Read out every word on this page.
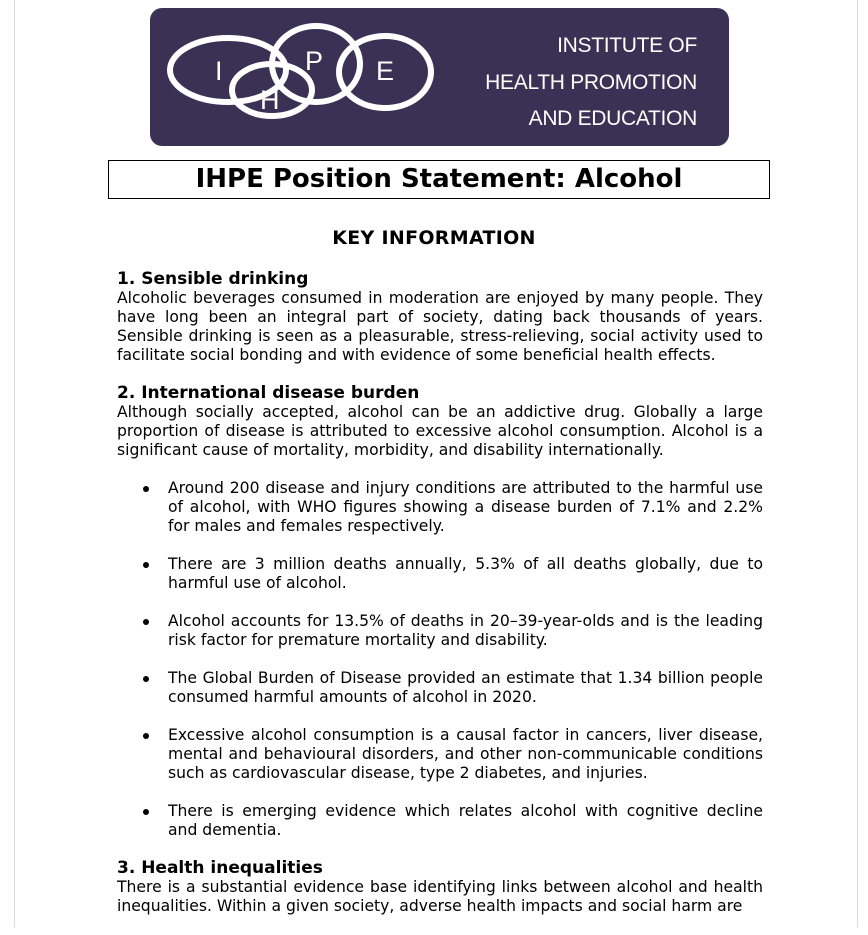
I
H
P E
INSTITUTE OF
HEALTH PROMOTION
AND EDUCATION
IHPE Position Statement: Alcohol
KEY INFORMATION

1. Sensible drinking

Alcoholic beverages consumed in moderation are enjoyed by many people. They have long been an integral part of society, dating back thousands of years. Sensible drinking is seen as a pleasurable, stress-relieving, social activity used to facilitate social bonding and with evidence of some beneficial health effects.

2. International disease burden

Although socially accepted, alcohol can be an addictive drug. Globally a large proportion of disease is attributed to excessive alcohol consumption. Alcohol is a significant cause of mortality, morbidity, and disability internationally.

Around 200 disease and injury conditions are attributed to the harmful use of alcohol, with WHO figures showing a disease burden of 7.1% and 2.2% for males and females respectively.
There are 3 million deaths annually, 5.3% of all deaths globally, due to harmful use of alcohol.
Alcohol accounts for 13.5% of deaths in 20–39-year-olds and is the leading risk factor for premature mortality and disability.
The Global Burden of Disease provided an estimate that 1.34 billion people consumed harmful amounts of alcohol in 2020.
Excessive alcohol consumption is a causal factor in cancers, liver disease, mental and behavioural disorders, and other non-communicable conditions such as cardiovascular disease, type 2 diabetes, and injuries.
There is emerging evidence which relates alcohol with cognitive decline and dementia.

3. Health inequalities

There is a substantial evidence base identifying links between alcohol and health inequalities. Within a given society, adverse health impacts and social harm are
